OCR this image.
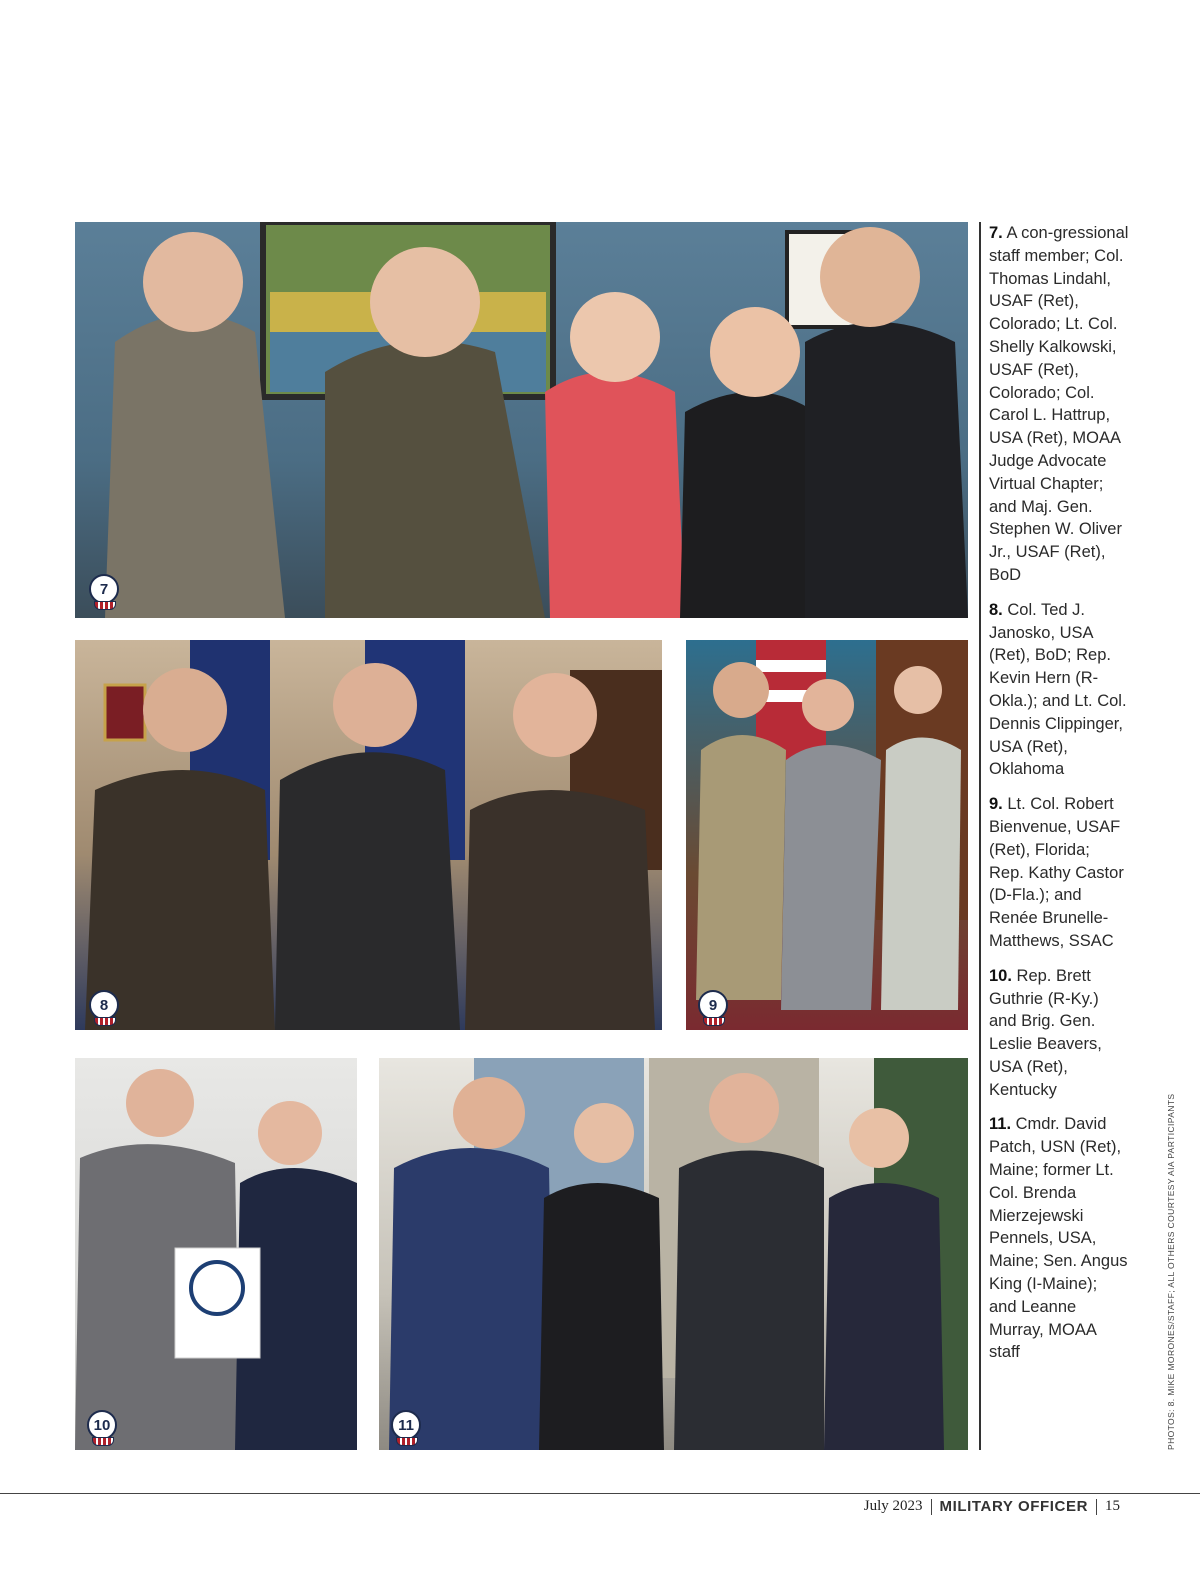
7
8	9
10	11

7. A con-gressional staff member; Col. Thomas Lindahl, USAF (Ret), Colorado; Lt. Col. Shelly Kalkowski, USAF (Ret), Colorado; Col. Carol L. Hattrup, USA (Ret), MOAA Judge Advocate Virtual Chapter; and Maj. Gen. Stephen W. Oliver Jr., USAF (Ret), BoD

8. Col. Ted J. Janosko, USA (Ret), BoD; Rep. Kevin Hern (R-Okla.); and Lt. Col. Dennis Clippinger, USA (Ret), Oklahoma

9. Lt. Col. Robert Bienvenue, USAF (Ret), Florida; Rep. Kathy Castor (D-Fla.); and Renée Brunelle-Matthews, SSAC

10. Rep. Brett Guthrie (R-Ky.) and Brig. Gen. Leslie Beavers, USA (Ret), Kentucky

11. Cmdr. David Patch, USN (Ret), Maine; former Lt. Col. Brenda Mierzejewski Pennels, USA, Maine; Sen. Angus King (I-Maine); and Leanne Murray, MOAA staff	PHOTOS: 8. MIKE MORONES/STAFF; ALL OTHERS COURTESY AIA PARTICIPANTS
July 2023 MILITARY OFFICER 15
